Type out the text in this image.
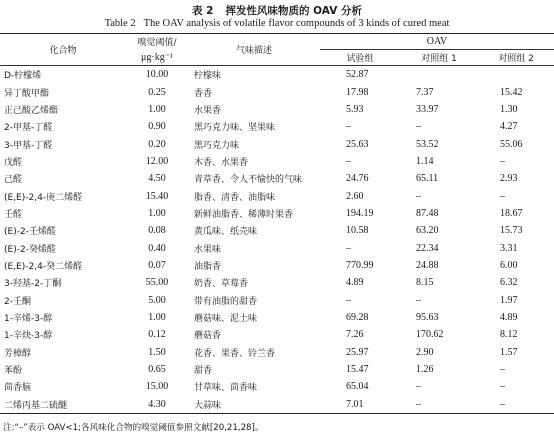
表 2 挥发性风味物质的 OAV 分析
Table 2 The OAV analysis of volatile flavor compounds of 3 kinds of cured meat
化合物	嗅觉阈值/	气味描述	OAV		
	μg·kg⁻¹		试验组	对照组 1	对照组 2
D-柠檬烯	10.00	柠檬味	52.87		
异丁酸甲酯	0.25	香香	17.98	7.37	15.42
正己酸乙烯酯	1.00	水果香	5.93	33.97	1.30
2-甲基-丁醛	0.90	黑巧克力味、坚果味	–	–	4.27
3-甲基-丁醛	0.20	黑巧克力味	25.63	53.52	55.06
戊醛	12.00	木香、水果香	–	1.14	–
己醛	4.50	青草香、令人不愉快的气味	24.76	65.11	2.93
(E,E)-2,4-庚二烯醛	15.40	脂香、清香、油脂味	2.60	–	–
壬醛	1.00	新鲜油脂香、稀薄时果香	194.19	87.48	18.67
(E)-2-壬烯醛	0.08	黄瓜味、纸壳味	10.58	63.20	15.73
(E)-2-癸烯醛	0.40	水果味	–	22.34	3.31
(E,E)-2,4-癸二烯醛	0.07	油脂香	770.99	24.88	6.00
3-羟基-2-丁酮	55.00	奶香、草莓香	4.89	8.15	6.32
2-壬酮	5.00	带有油脂的甜香	–	–	1.97
1-辛烯-3-醇	1.00	蘑菇味、泥土味	69.28	95.63	4.89
1-辛炔-3-醇	0.12	蘑菇香	7.26	170.62	8.12
芳樟醇	1.50	花香、果香、铃兰香	25.97	2.90	1.57
苯酚	0.65	甜香	15.47	1.26	–
茴香脑	15.00	甘草味、茴香味	65.04	–	–
二烯丙基二硫醚	4.30	大蒜味	7.01	–	–
注:“–”表示 OAV<1;各风味化合物的嗅觉阈值参照文献[20,21,28]。
